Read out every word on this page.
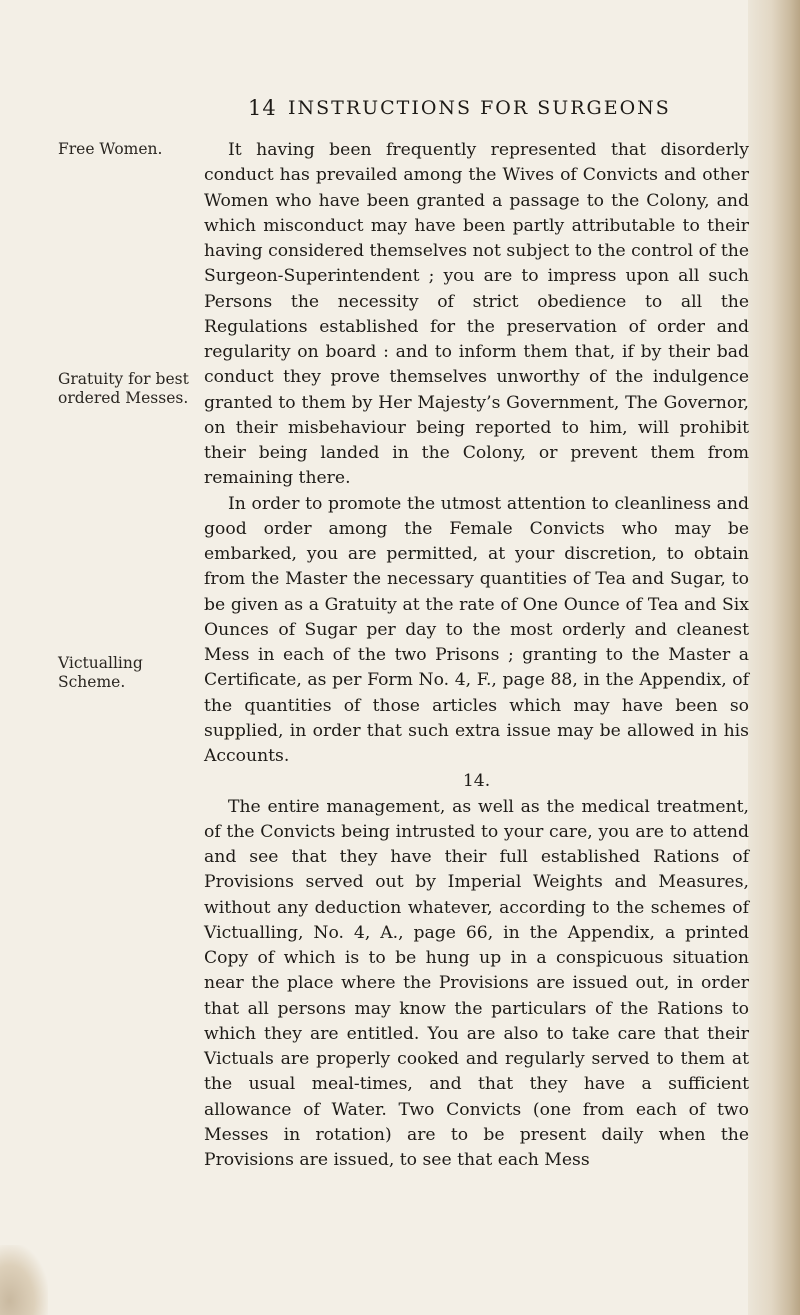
14 INSTRUCTIONS FOR SURGEONS
Free Women.
Gratuity for best ordered Messes.
Victualling Scheme.

It having been frequently represented that disorderly conduct has prevailed among the Wives of Convicts and other Women who have been granted a passage to the Colony, and which misconduct may have been partly attributable to their having considered themselves not subject to the control of the Surgeon-Superintendent ; you are to impress upon all such Persons the necessity of strict obedience to all the Regulations established for the preservation of order and regularity on board : and to inform them that, if by their bad conduct they prove themselves unworthy of the indulgence granted to them by Her Majesty’s Government, The Governor, on their misbehaviour being reported to him, will prohibit their being landed in the Colony, or prevent them from remaining there.

In order to promote the utmost attention to cleanliness and good order among the Female Convicts who may be embarked, you are permitted, at your discretion, to obtain from the Master the necessary quantities of Tea and Sugar, to be given as a Gratuity at the rate of One Ounce of Tea and Six Ounces of Sugar per day to the most orderly and cleanest Mess in each of the two Prisons ; granting to the Master a Certificate, as per Form No. 4, F., page 88, in the Appendix, of the quantities of those articles which may have been so supplied, in order that such extra issue may be allowed in his Accounts.

14.

The entire management, as well as the medical treatment, of the Convicts being intrusted to your care, you are to attend and see that they have their full established Rations of Provisions served out by Imperial Weights and Measures, without any deduction whatever, according to the schemes of Victualling, No. 4, A., page 66, in the Appendix, a printed Copy of which is to be hung up in a conspicuous situation near the place where the Provisions are issued out, in order that all persons may know the particulars of the Rations to which they are entitled. You are also to take care that their Victuals are properly cooked and regularly served to them at the usual meal-times, and that they have a sufficient allowance of Water. Two Convicts (one from each of two Messes in rotation) are to be present daily when the Provisions are issued, to see that each Mess
